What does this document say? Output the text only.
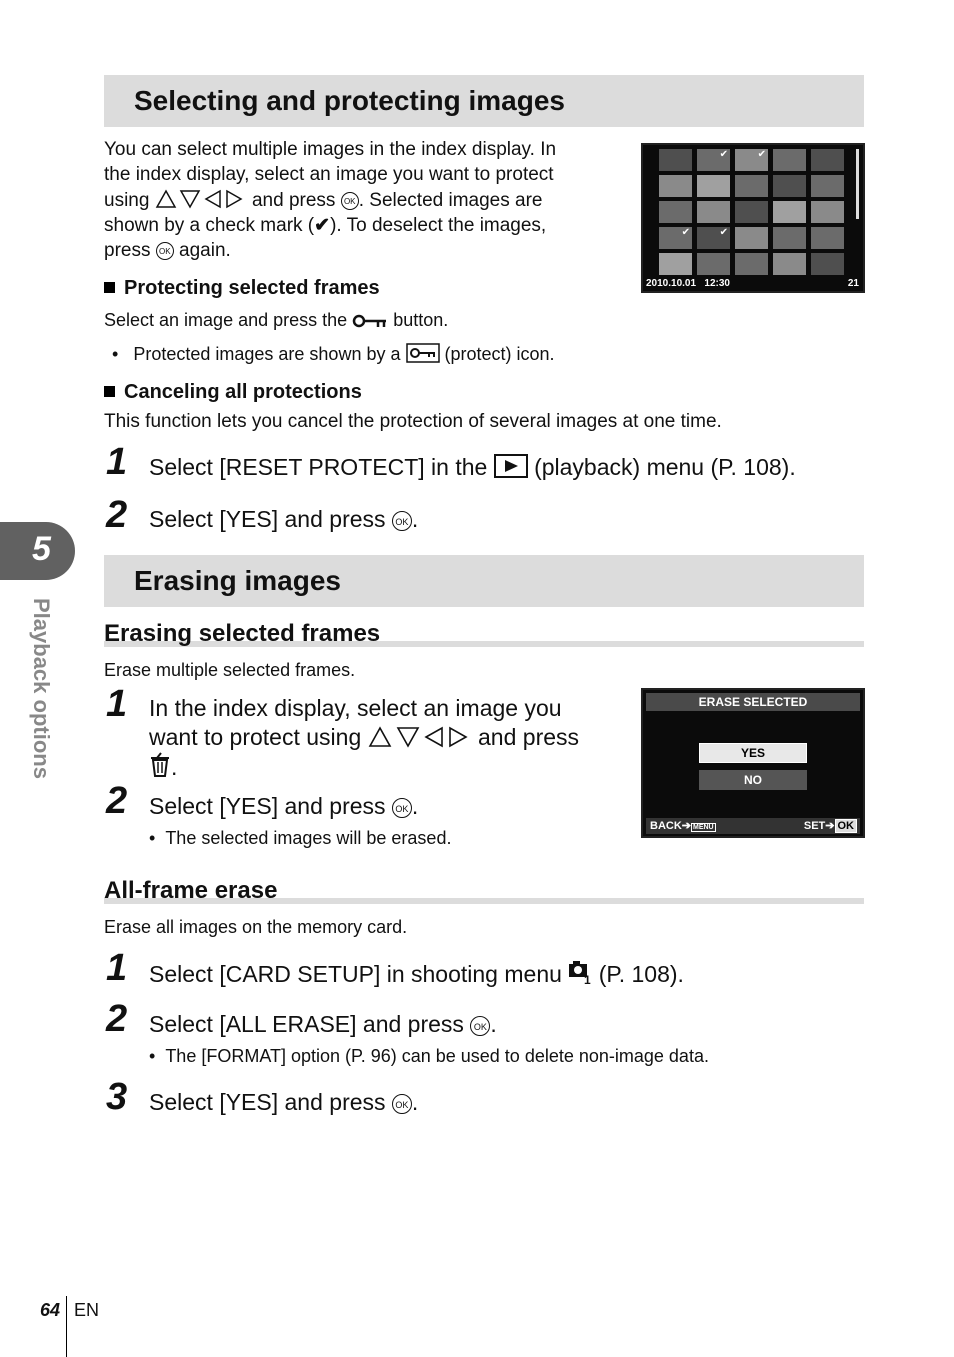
5
Playback options
Selecting and protecting images
You can select multiple images in the index display. In
the index display, select an image you want to protect
using	and press OK . Selected images are
shown by a check mark (✔). To deselect the images,
press OK again.
✔	✔
✔	✔
2010.10.01 12:30	21
Protecting selected frames
Select an image and press the	button.
• Protected images are shown by a (protect) icon.
Canceling all protections
This function lets you cancel the protection of several images at one time.
1 Select [RESET PROTECT] in the (playback) menu (P. 108).
2 Select [YES] and press OK .
Erasing images
Erasing selected frames
Erase multiple selected frames.
1 In the index display, select an image you
want to protect using	and press
.
2 Select [YES] and press OK .
• The selected images will be erased.
ERASE SELECTED
YES
NO
BACK➔ MENU	SET➔ OK
All-frame erase
Erase all images on the memory card.
1 Select [CARD SETUP] in shooting menu 1 (P. 108).
2 Select [ALL ERASE] and press OK .
• The [FORMAT] option (P. 96) can be used to delete non-image data.
3 Select [YES] and press OK .
64 EN
